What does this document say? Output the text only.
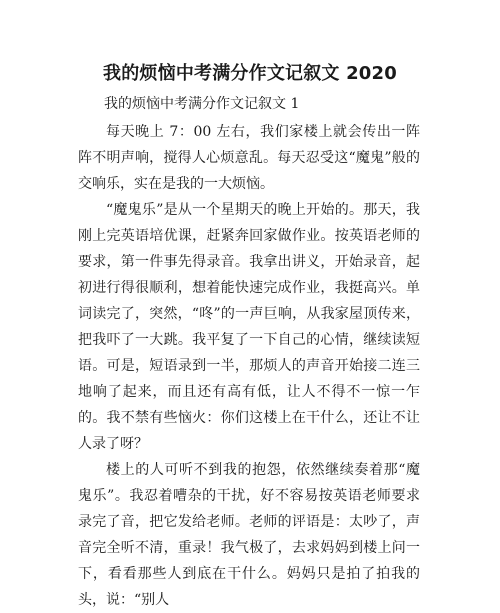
我的烦恼中考满分作文记叙文 2020
我的烦恼中考满分作文记叙文 1

每天晚上 7：00 左右，我们家楼上就会传出一阵阵不明声响，搅得人心烦意乱。每天忍受这“魔鬼”般的交响乐，实在是我的一大烦恼。

“魔鬼乐”是从一个星期天的晚上开始的。那天，我刚上完英语培优课，赶紧奔回家做作业。按英语老师的要求，第一件事先得录音。我拿出讲义，开始录音，起初进行得很顺利，想着能快速完成作业，我挺高兴。单词读完了，突然，“咚”的一声巨响，从我家屋顶传来，把我吓了一大跳。我平复了一下自己的心情，继续读短语。可是，短语录到一半，那烦人的声音开始接二连三地响了起来，而且还有高有低，让人不得不一惊一乍的。我不禁有些恼火：你们这楼上在干什么，还让不让人录了呀？

楼上的人可听不到我的抱怨，依然继续奏着那“魔鬼乐”。我忍着嘈杂的干扰，好不容易按英语老师要求录完了音，把它发给老师。老师的评语是：太吵了，声音完全听不清，重录！我气极了，去求妈妈到楼上问一下，看看那些人到底在干什么。妈妈只是拍了拍我的头，说：“别人
